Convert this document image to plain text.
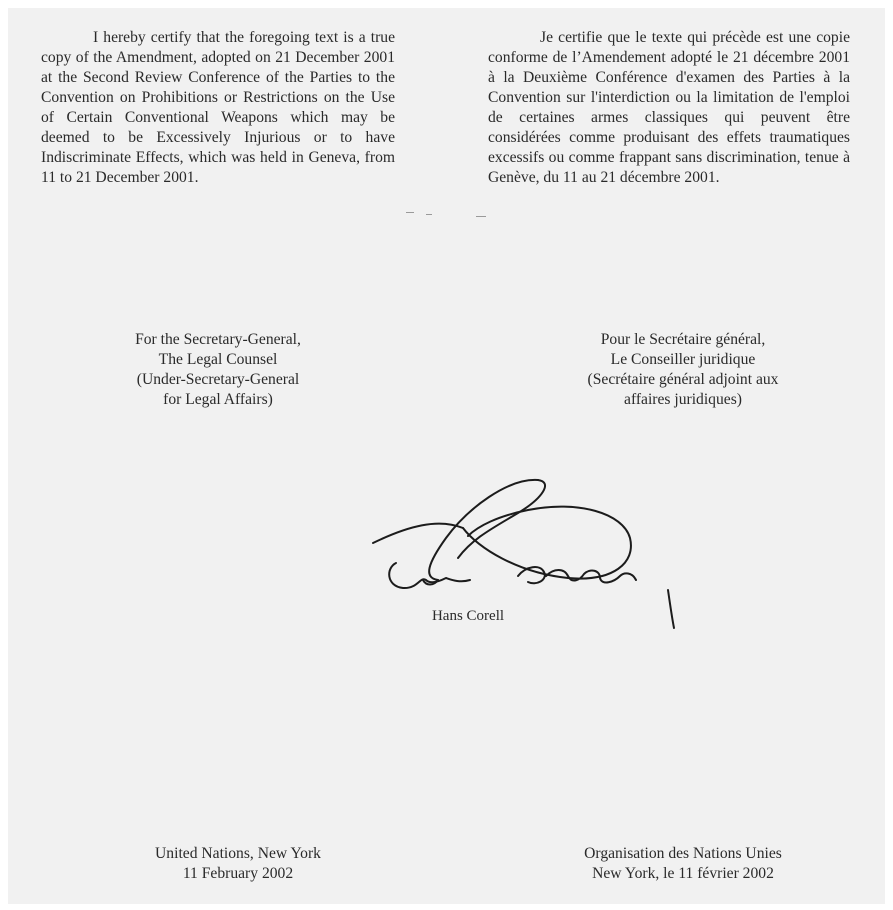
I hereby certify that the foregoing text is a true copy of the Amendment, adopted on 21 December 2001 at the Second Review Conference of the Parties to the Convention on Prohibitions or Restrictions on the Use of Certain Conventional Weapons which may be deemed to be Excessively Injurious or to have Indiscriminate Effects, which was held in Geneva, from 11 to 21 December 2001.

Je certifie que le texte qui précède est une copie conforme de l’Amendement adopté le 21 décembre 2001 à la Deuxième Conférence d'examen des Parties à la Convention sur l'interdiction ou la limitation de l'emploi de certaines armes classiques qui peuvent être considérées comme produisant des effets traumatiques excessifs ou comme frappant sans discrimination, tenue à Genève, du 11 au 21 décembre 2001.

For the Secretary-General,
The Legal Counsel
(Under-Secretary-General
for Legal Affairs)
Pour le Secrétaire général,
Le Conseiller juridique
(Secrétaire général adjoint aux
affaires juridiques)
Hans Corell
United Nations, New York
11 February 2002
Organisation des Nations Unies
New York, le 11 février 2002
